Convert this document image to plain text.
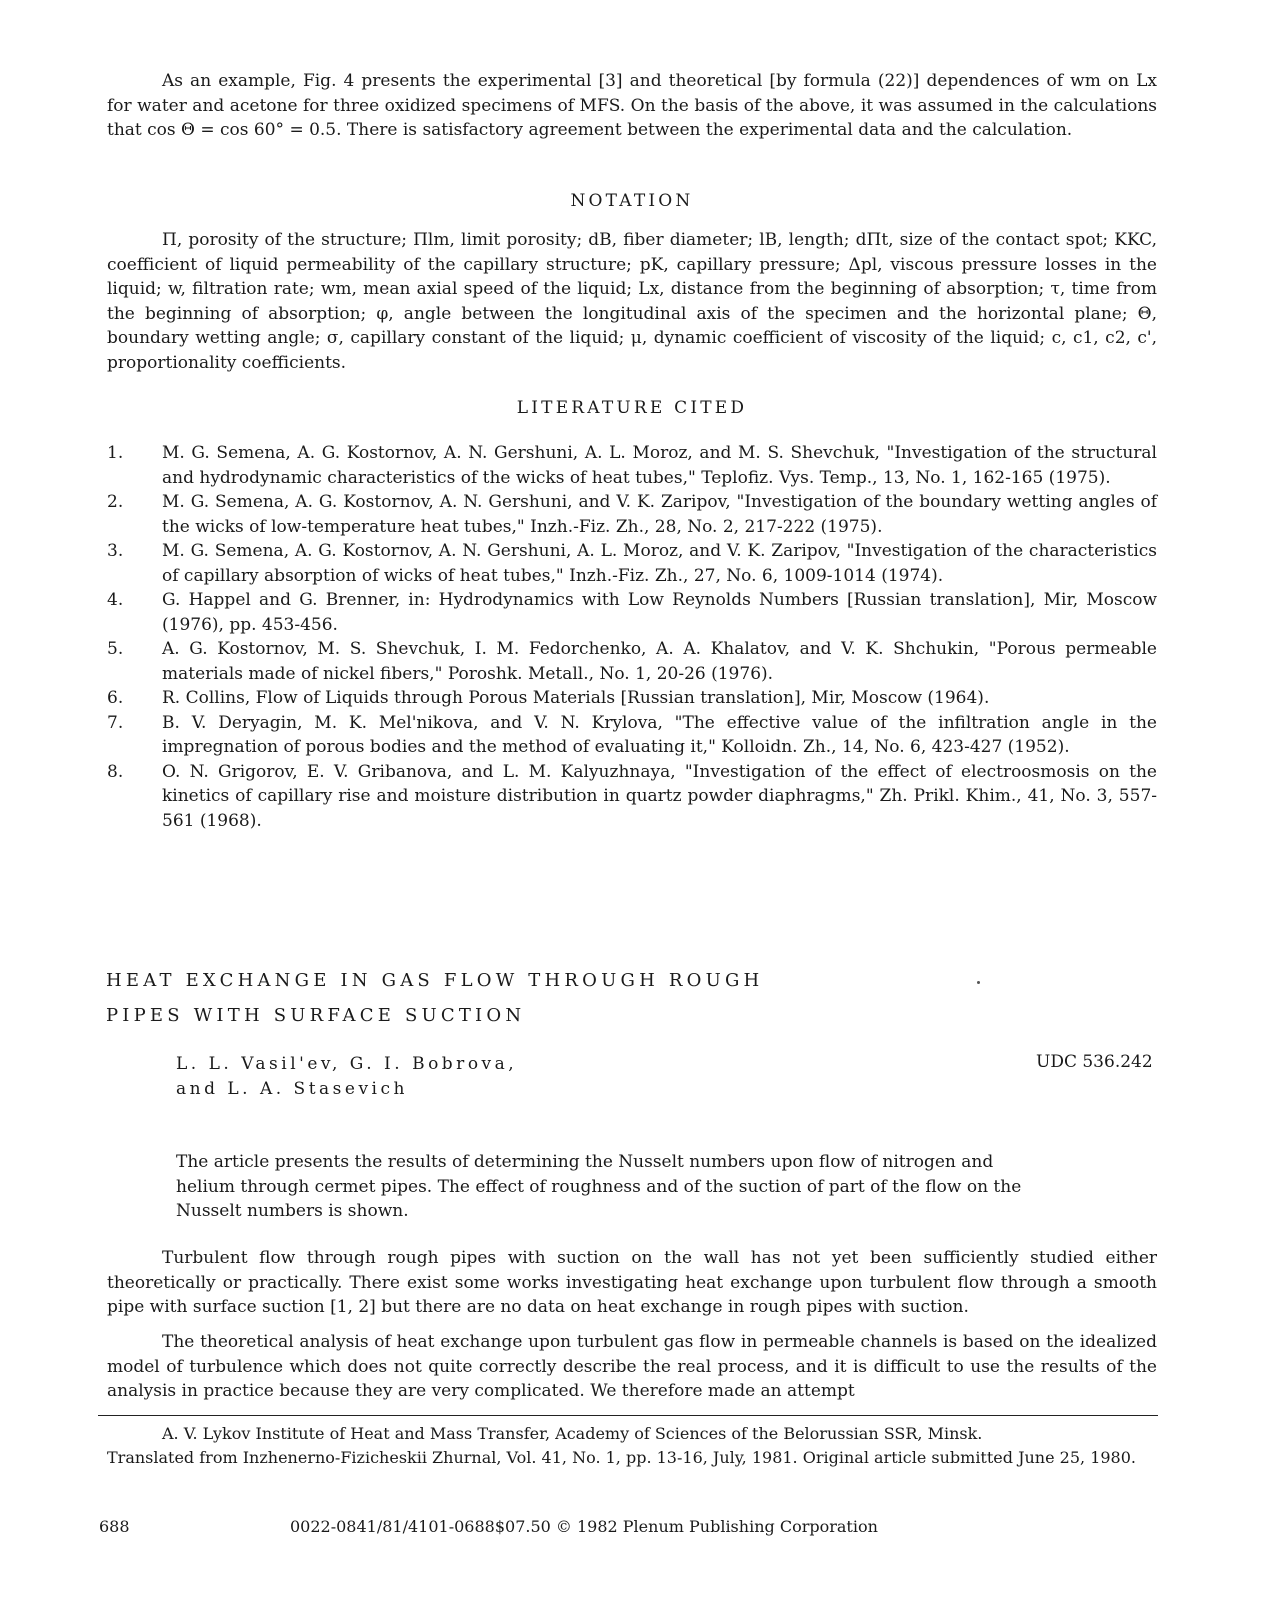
As an example, Fig. 4 presents the experimental [3] and theoretical [by formula (22)] dependences of wm on Lx for water and acetone for three oxidized specimens of MFS. On the basis of the above, it was assumed in the calculations that cos Θ = cos 60° = 0.5. There is satisfactory agreement between the experimental data and the calculation.

NOTATION

Π, porosity of the structure; Πlm, limit porosity; dB, fiber diameter; lB, length; dΠt, size of the contact spot; KKC, coefficient of liquid permeability of the capillary structure; pK, capillary pressure; Δpl, viscous pressure losses in the liquid; w, filtration rate; wm, mean axial speed of the liquid; Lx, distance from the beginning of absorption; τ, time from the beginning of absorption; φ, angle between the longitudinal axis of the specimen and the horizontal plane; Θ, boundary wetting angle; σ, capillary constant of the liquid; μ, dynamic coefficient of viscosity of the liquid; c, c1, c2, c', proportionality coefficients.

LITERATURE CITED
1.	M. G. Semena, A. G. Kostornov, A. N. Gershuni, A. L. Moroz, and M. S. Shevchuk, "Investigation of the structural and hydrodynamic characteristics of the wicks of heat tubes," Teplofiz. Vys. Temp., 13, No. 1, 162-165 (1975).
2.	M. G. Semena, A. G. Kostornov, A. N. Gershuni, and V. K. Zaripov, "Investigation of the boundary wetting angles of the wicks of low-temperature heat tubes," Inzh.-Fiz. Zh., 28, No. 2, 217-222 (1975).
3.	M. G. Semena, A. G. Kostornov, A. N. Gershuni, A. L. Moroz, and V. K. Zaripov, "Investigation of the characteristics of capillary absorption of wicks of heat tubes," Inzh.-Fiz. Zh., 27, No. 6, 1009-1014 (1974).
4.	G. Happel and G. Brenner, in: Hydrodynamics with Low Reynolds Numbers [Russian translation], Mir, Moscow (1976), pp. 453-456.
5.	A. G. Kostornov, M. S. Shevchuk, I. M. Fedorchenko, A. A. Khalatov, and V. K. Shchukin, "Porous permeable materials made of nickel fibers," Poroshk. Metall., No. 1, 20-26 (1976).
6.	R. Collins, Flow of Liquids through Porous Materials [Russian translation], Mir, Moscow (1964).
7.	B. V. Deryagin, M. K. Mel'nikova, and V. N. Krylova, "The effective value of the infiltration angle in the impregnation of porous bodies and the method of evaluating it," Kolloidn. Zh., 14, No. 6, 423-427 (1952).
8.	O. N. Grigorov, E. V. Gribanova, and L. M. Kalyuzhnaya, "Investigation of the effect of electroosmosis on the kinetics of capillary rise and moisture distribution in quartz powder diaphragms," Zh. Prikl. Khim., 41, No. 3, 557-561 (1968).
HEAT EXCHANGE IN GAS FLOW THROUGH ROUGH
PIPES WITH SURFACE SUCTION
L. L. Vasil'ev, G. I. Bobrova,
and L. A. Stasevich
UDC 536.242

The article presents the results of determining the Nusselt numbers upon flow of nitrogen and helium through cermet pipes. The effect of roughness and of the suction of part of the flow on the Nusselt numbers is shown.

Turbulent flow through rough pipes with suction on the wall has not yet been sufficiently studied either theoretically or practically. There exist some works investigating heat exchange upon turbulent flow through a smooth pipe with surface suction [1, 2] but there are no data on heat exchange in rough pipes with suction.

The theoretical analysis of heat exchange upon turbulent gas flow in permeable channels is based on the idealized model of turbulence which does not quite correctly describe the real process, and it is difficult to use the results of the analysis in practice because they are very complicated. We therefore made an attempt

A. V. Lykov Institute of Heat and Mass Transfer, Academy of Sciences of the Belorussian SSR, Minsk.
Translated from Inzhenerno-Fizicheskii Zhurnal, Vol. 41, No. 1, pp. 13-16, July, 1981. Original article submitted June 25, 1980.
688	0022-0841/81/4101-0688$07.50 © 1982 Plenum Publishing Corporation
